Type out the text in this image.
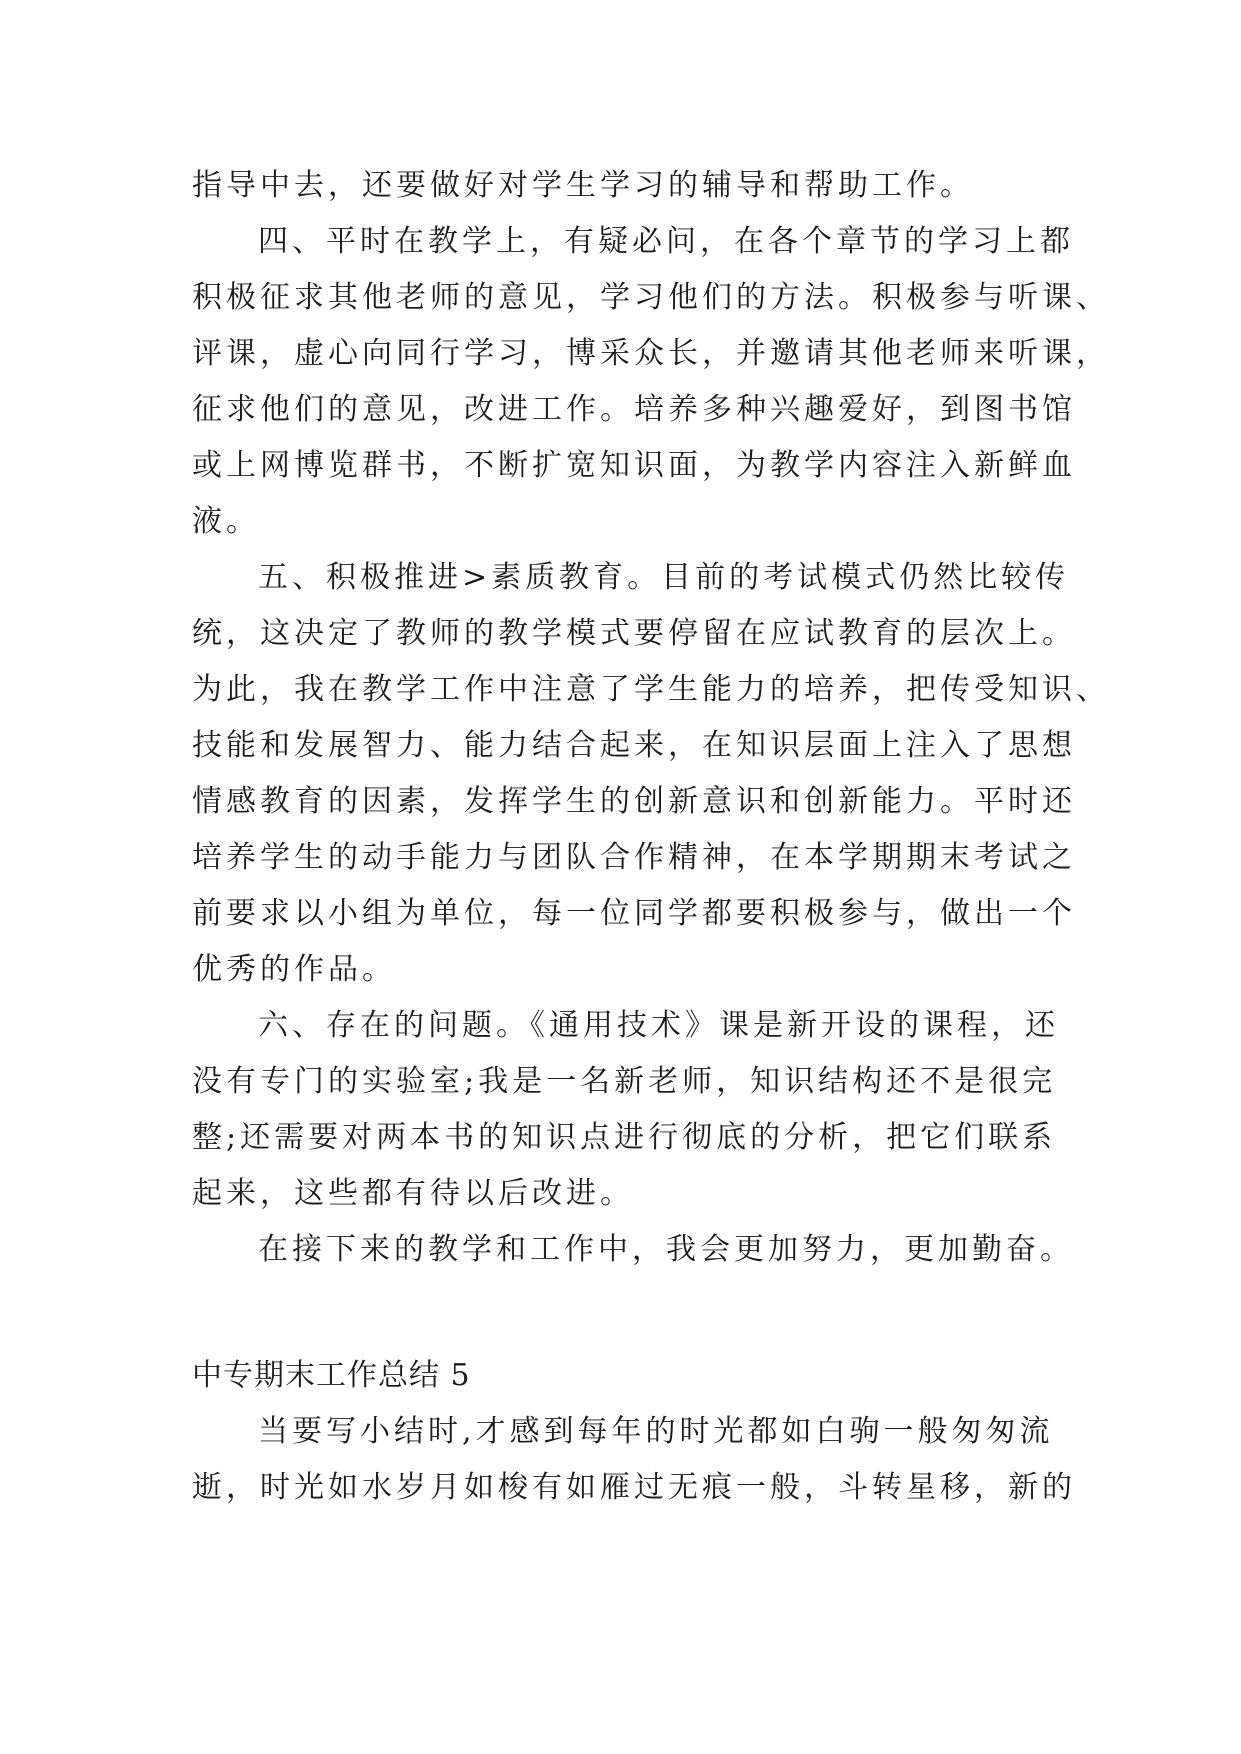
指导中去，还要做好对学生学习的辅导和帮助工作。
四、平时在教学上，有疑必问，在各个章节的学习上都
积极征求其他老师的意见，学习他们的方法。积极参与听课、
评课，虚心向同行学习，博采众长，并邀请其他老师来听课，
征求他们的意见，改进工作。培养多种兴趣爱好，到图书馆
或上网博览群书，不断扩宽知识面，为教学内容注入新鲜血
液。
五、积极推进>素质教育。目前的考试模式仍然比较传
统，这决定了教师的教学模式要停留在应试教育的层次上。
为此，我在教学工作中注意了学生能力的培养，把传受知识、
技能和发展智力、能力结合起来，在知识层面上注入了思想
情感教育的因素，发挥学生的创新意识和创新能力。平时还
培养学生的动手能力与团队合作精神，在本学期期末考试之
前要求以小组为单位，每一位同学都要积极参与，做出一个
优秀的作品。
六、存在的问题。《通用技术》课是新开设的课程，还
没有专门的实验室;我是一名新老师，知识结构还不是很完
整;还需要对两本书的知识点进行彻底的分析，把它们联系
起来，这些都有待以后改进。
在接下来的教学和工作中，我会更加努力，更加勤奋。
中专期末工作总结 5
当要写小结时,才感到每年的时光都如白驹一般匆匆流
逝，时光如水岁月如梭有如雁过无痕一般，斗转星移，新的
